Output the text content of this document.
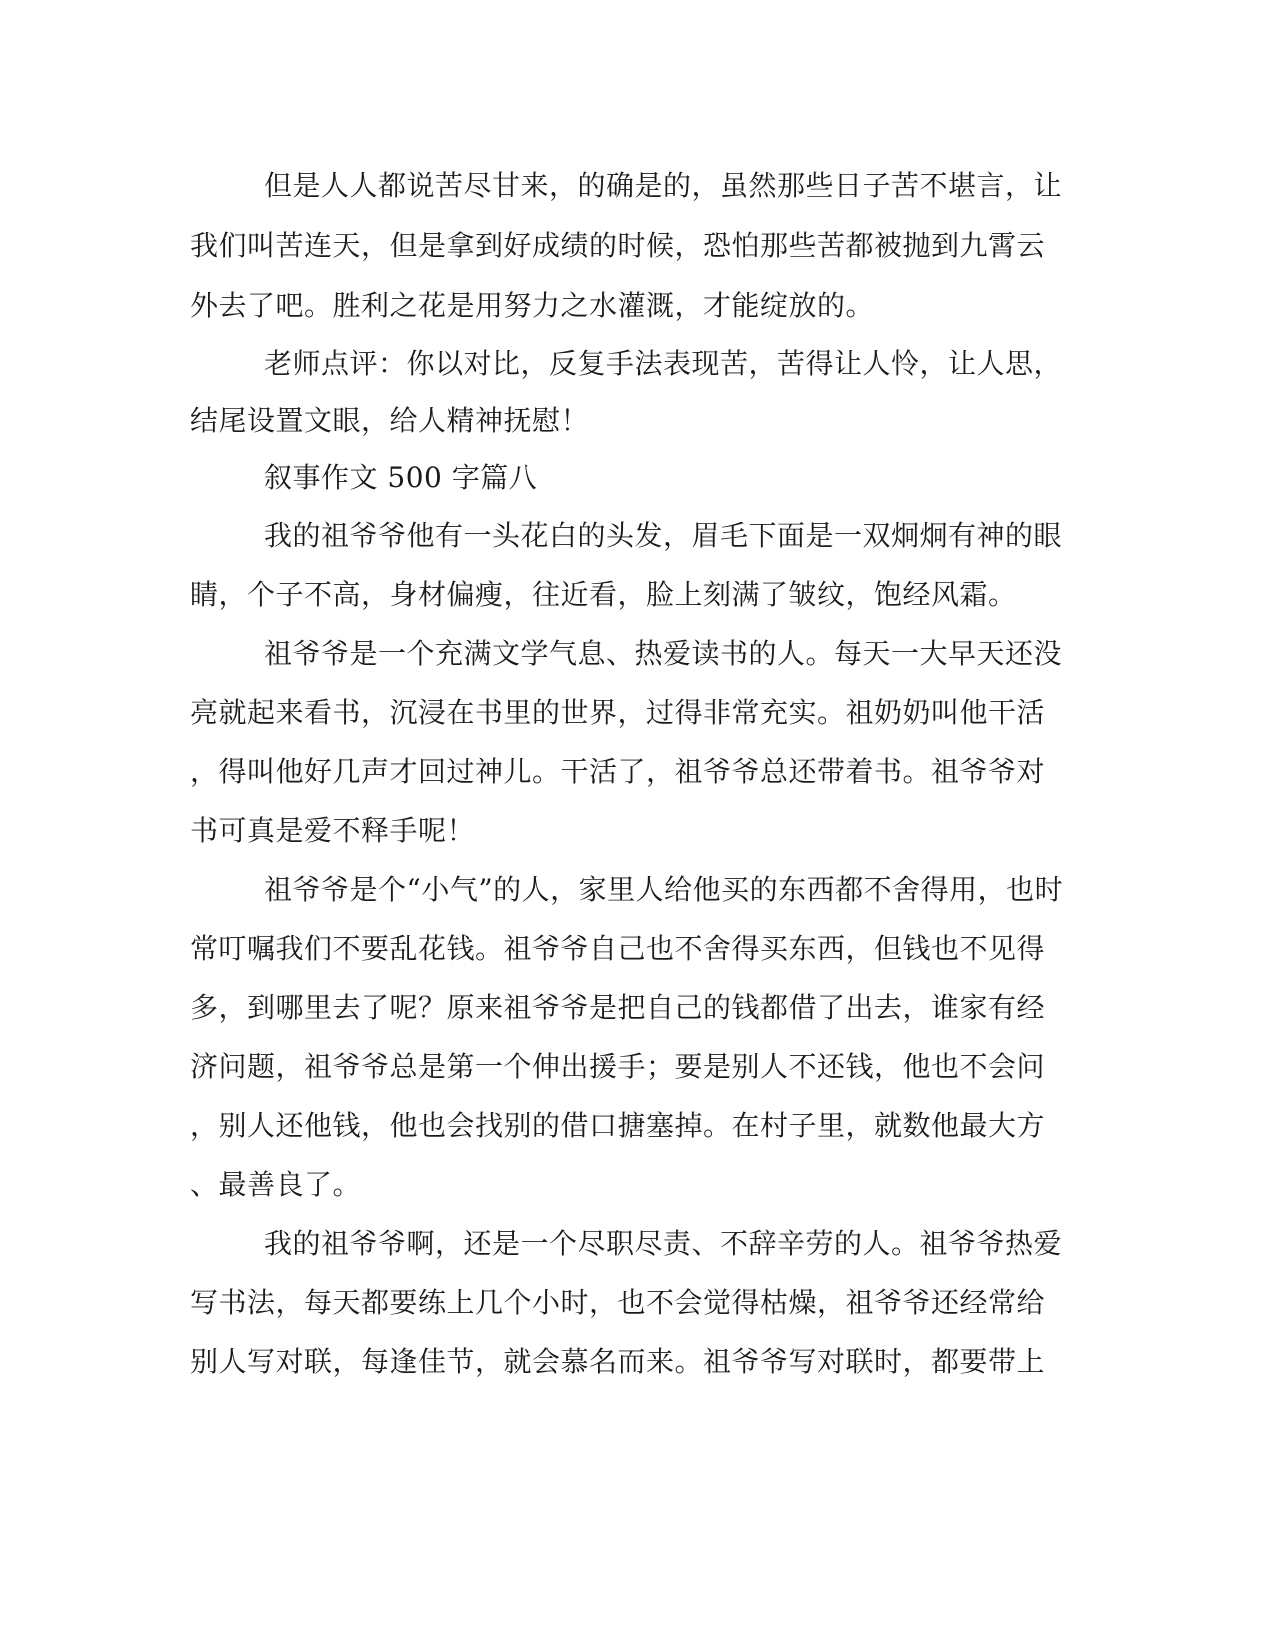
但是人人都说苦尽甘来，的确是的，虽然那些日子苦不堪言，让
我们叫苦连天，但是拿到好成绩的时候，恐怕那些苦都被抛到九霄云
外去了吧。胜利之花是用努力之水灌溉，才能绽放的。
老师点评：你以对比，反复手法表现苦，苦得让人怜，让人思，
结尾设置文眼，给人精神抚慰！
叙事作文 500 字篇八
我的祖爷爷他有一头花白的头发，眉毛下面是一双炯炯有神的眼
睛，个子不高，身材偏瘦，往近看，脸上刻满了皱纹，饱经风霜。
祖爷爷是一个充满文学气息、热爱读书的人。每天一大早天还没
亮就起来看书，沉浸在书里的世界，过得非常充实。祖奶奶叫他干活
，得叫他好几声才回过神儿。干活了，祖爷爷总还带着书。祖爷爷对
书可真是爱不释手呢！
祖爷爷是个“小气”的人，家里人给他买的东西都不舍得用，也时
常叮嘱我们不要乱花钱。祖爷爷自己也不舍得买东西，但钱也不见得
多，到哪里去了呢？原来祖爷爷是把自己的钱都借了出去，谁家有经
济问题，祖爷爷总是第一个伸出援手；要是别人不还钱，他也不会问
，别人还他钱，他也会找别的借口搪塞掉。在村子里，就数他最大方
、最善良了。
我的祖爷爷啊，还是一个尽职尽责、不辞辛劳的人。祖爷爷热爱
写书法，每天都要练上几个小时，也不会觉得枯燥，祖爷爷还经常给
别人写对联，每逢佳节，就会慕名而来。祖爷爷写对联时，都要带上
